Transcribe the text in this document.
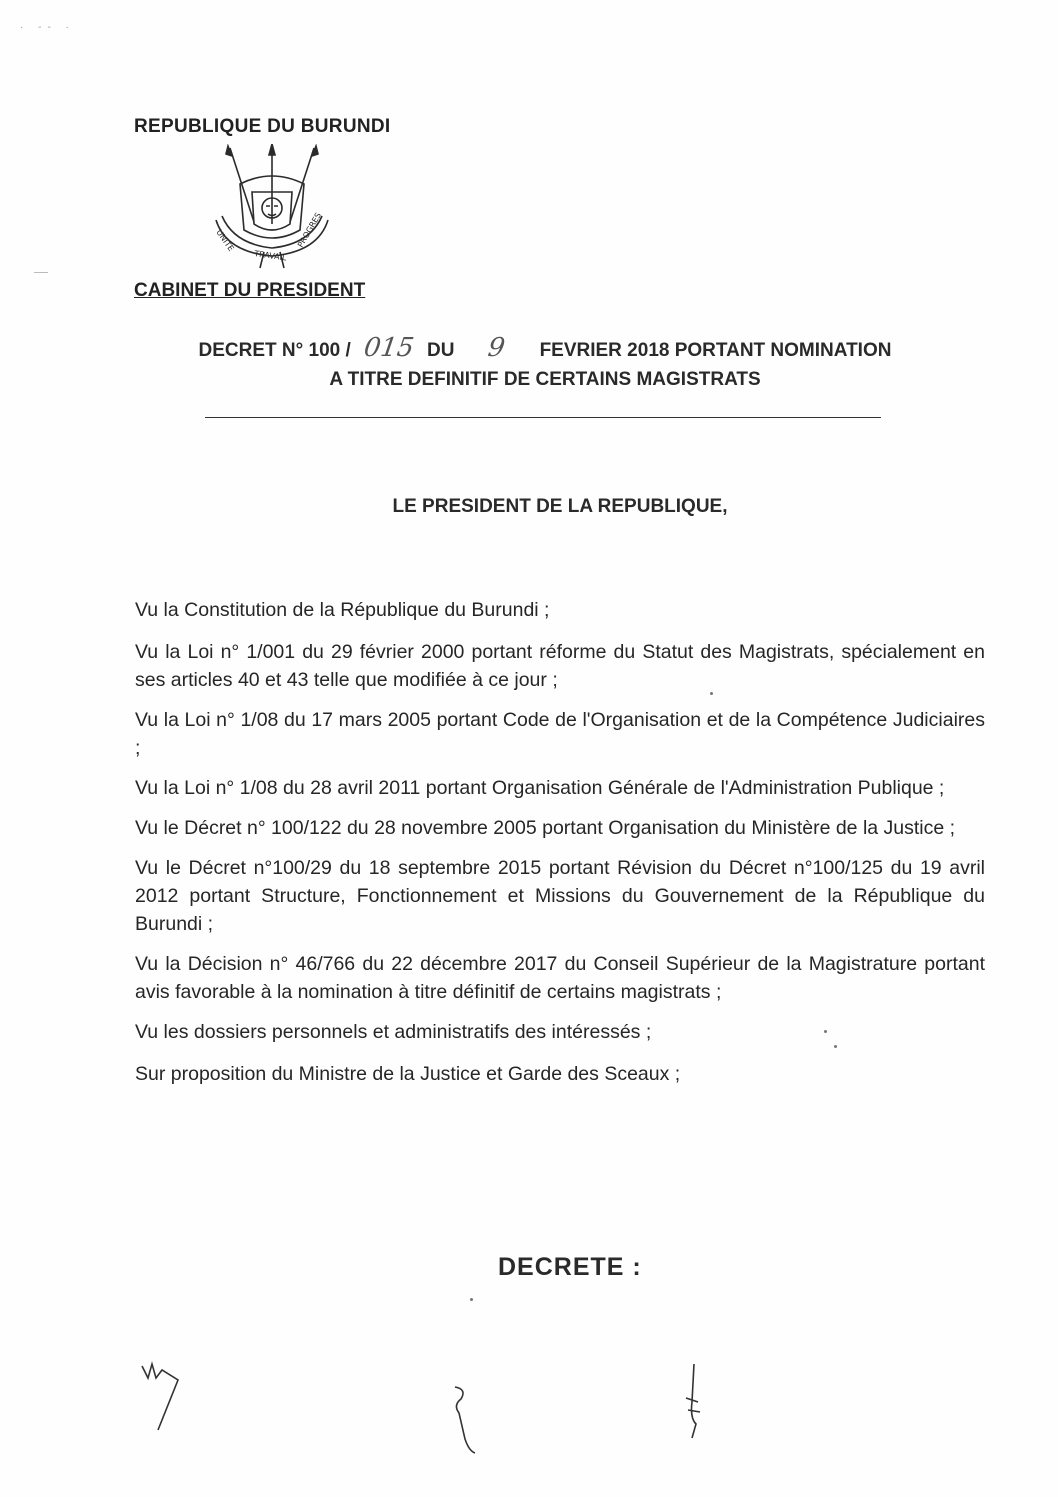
· -- ·
REPUBLIQUE DU BURUNDI
UNITE
TRAVAIL
PROGRES
CABINET DU PRESIDENT
DECRET N° 100 / 015 DU 9 FEVRIER 2018 PORTANT NOMINATION
A TITRE DEFINITIF DE CERTAINS MAGISTRATS
LE PRESIDENT DE LA REPUBLIQUE,

Vu la Constitution de la République du Burundi ;

Vu la Loi n° 1/001 du 29 février 2000 portant réforme du Statut des Magistrats, spécialement en ses articles 40 et 43 telle que modifiée à ce jour ;

Vu la Loi n° 1/08 du 17 mars 2005 portant Code de l'Organisation et de la Compétence Judiciaires ;

Vu la Loi n° 1/08 du 28 avril 2011 portant Organisation Générale de l'Administration Publique ;

Vu le Décret n° 100/122 du 28 novembre 2005 portant Organisation du Ministère de la Justice ;

Vu le Décret n°100/29 du 18 septembre 2015 portant Révision du Décret n°100/125 du 19 avril 2012 portant Structure, Fonctionnement et Missions du Gouvernement de la République du Burundi ;

Vu la Décision n° 46/766 du 22 décembre 2017 du Conseil Supérieur de la Magistrature portant avis favorable à la nomination à titre définitif de certains magistrats ;

Vu les dossiers personnels et administratifs des intéressés ;

Sur proposition du Ministre de la Justice et Garde des Sceaux ;

DECRETE :
